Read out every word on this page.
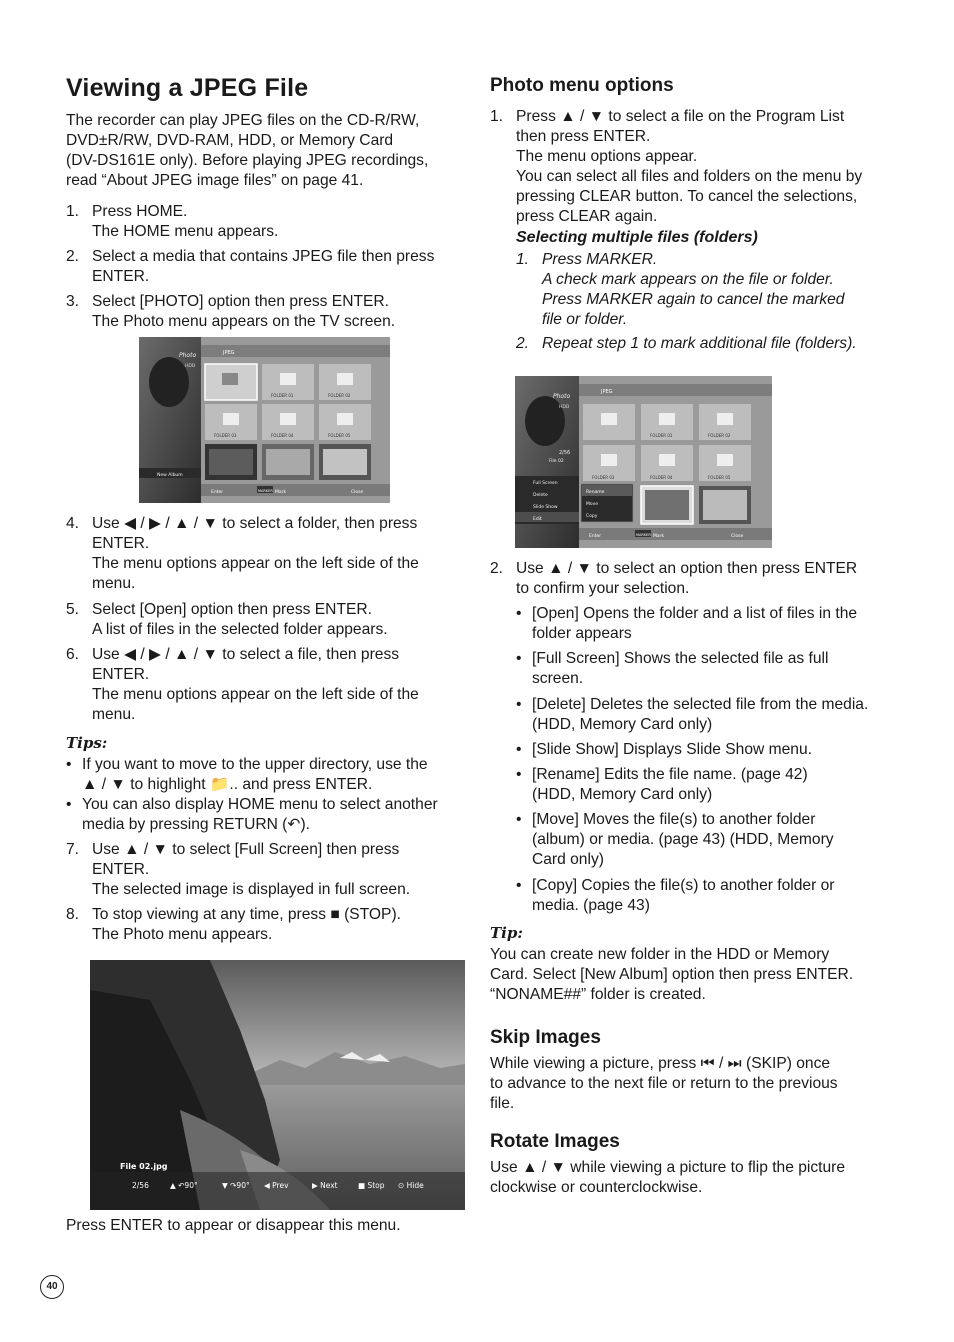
Viewing a JPEG File
The recorder can play JPEG files on the CD-R/RW,
DVD±R/RW, DVD-RAM, HDD, or Memory Card
(DV-DS161E only). Before playing JPEG recordings,
read “About JPEG image files” on page 41.
1. Press HOME.
The HOME menu appears.
2. Select a media that contains JPEG file then press
ENTER.
3. Select [PHOTO] option then press ENTER.
The Photo menu appears on the TV screen.
Photo
HDD
JPEG
FOLDER 01	FOLDER 02
FOLDER 03	FOLDER 04	FOLDER 05
New Album
Enter	MARKER Mark	Close
4. Use ◀ / ▶ / ▲ / ▼ to select a folder, then press
ENTER.
The menu options appear on the left side of the
menu.
5. Select [Open] option then press ENTER.
A list of files in the selected folder appears.
6. Use ◀ / ▶ / ▲ / ▼ to select a file, then press
ENTER.
The menu options appear on the left side of the
menu.
Tips:
• If you want to move to the upper directory, use the
▲ / ▼ to highlight 📁.. and press ENTER.
• You can also display HOME menu to select another
media by pressing RETURN (↶).
7. Use ▲ / ▼ to select [Full Screen] then press
ENTER.
The selected image is displayed in full screen.
8. To stop viewing at any time, press ■ (STOP).
The Photo menu appears.
File 02.jpg
2/56	▲ ↶90°	▼ ↷90° ◀ Prev	▶ Next	■ Stop ⊙ Hide
Press ENTER to appear or disappear this menu.
Photo menu options
1. Press ▲ / ▼ to select a file on the Program List
then press ENTER.
The menu options appear.
You can select all files and folders on the menu by
pressing CLEAR button. To cancel the selections,
press CLEAR again.
Selecting multiple files (folders)
1. Press MARKER.
A check mark appears on the file or folder.
Press MARKER again to cancel the marked
file or folder.
2. Repeat step 1 to mark additional file (folders).
Photo
HDD
JPEG
2/56
File 02
FOLDER 01	FOLDER 02
FOLDER 03	FOLDER 04	FOLDER 05
Full Screen
Delete
Slide Show
Edit
Rename
Move
Copy
Enter	MARKER Mark	Close
2. Use ▲ / ▼ to select an option then press ENTER
to confirm your selection.
• [Open] Opens the folder and a list of files in the
folder appears
• [Full Screen] Shows the selected file as full
screen.
• [Delete] Deletes the selected file from the media.
(HDD, Memory Card only)
• [Slide Show] Displays Slide Show menu.
• [Rename] Edits the file name. (page 42)
(HDD, Memory Card only)
• [Move] Moves the file(s) to another folder
(album) or media. (page 43) (HDD, Memory
Card only)
• [Copy] Copies the file(s) to another folder or
media. (page 43)
Tip:
You can create new folder in the HDD or Memory
Card. Select [New Album] option then press ENTER.
“NONAME##” folder is created.
Skip Images
While viewing a picture, press ⏮ / ⏭ (SKIP) once
to advance to the next file or return to the previous
file.
Rotate Images
Use ▲ / ▼ while viewing a picture to flip the picture
clockwise or counterclockwise.
40
